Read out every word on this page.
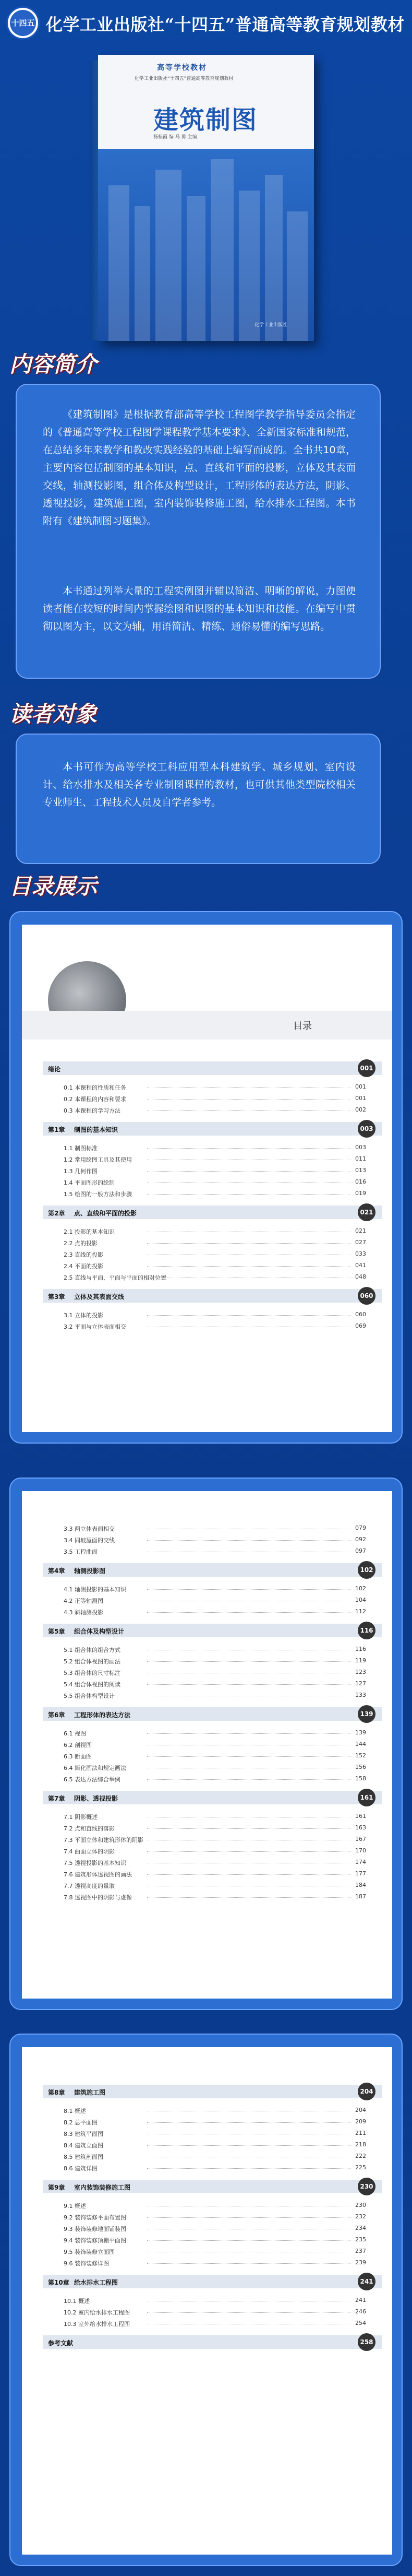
十四五 化学工业出版社“十四五”普通高等教育规划教材
高等学校教材
化学工业出版社“十四五”普通高等教育规划教材
建筑制图
杨桂霞 编 马 勇 主编
化学工业出版社
内容简介
《建筑制图》是根据教育部高等学校工程图学教学指导委员会指定的《普通高等学校工程图学课程教学基本要求》、全新国家标准和规范，在总结多年来教学和教改实践经验的基础上编写而成的。全书共10章，主要内容包括制图的基本知识，点、直线和平面的投影，立体及其表面交线，轴测投影图，组合体及构型设计，工程形体的表达方法，阴影、透视投影，建筑施工图，室内装饰装修施工图，给水排水工程图。本书附有《建筑制图习题集》。
本书通过列举大量的工程实例图并辅以简洁、明晰的解说，力图使读者能在较短的时间内掌握绘图和识图的基本知识和技能。在编写中贯彻以图为主，以文为辅，用语简洁、精练、通俗易懂的编写思路。
读者对象
本书可作为高等学校工科应用型本科建筑学、城乡规划、室内设计、给水排水及相关各专业制图课程的教材，也可供其他类型院校相关专业师生、工程技术人员及自学者参考。
目录展示
目录
绪论	001
0.1 本课程的性质和任务	001
0.2 本课程的内容和要求	001
0.3 本课程的学习方法	002
第1章 制图的基本知识	003
1.1 制图标准	003
1.2 常用绘图工具及其使用	011
1.3 几何作图	013
1.4 平面图形的绘制	016
1.5 绘图的一般方法和步骤	019
第2章 点、直线和平面的投影	021
2.1 投影的基本知识	021
2.2 点的投影	027
2.3 直线的投影	033
2.4 平面的投影	041
2.5 直线与平面、平面与平面的相对位置	048
第3章 立体及其表面交线	060
3.1 立体的投影	060
3.2 平面与立体表面相交	069
3.3 两立体表面相交	079
3.4 同坡屋面的交线	092
3.5 工程曲面	097
第4章 轴测投影图	102
4.1 轴测投影的基本知识	102
4.2 正等轴测图	104
4.3 斜轴测投影	112
第5章 组合体及构型设计	116
5.1 组合体的组合方式	116
5.2 组合体视图的画法	119
5.3 组合体的尺寸标注	123
5.4 组合体视图的阅读	127
5.5 组合体构型设计	133
第6章 工程形体的表达方法	139
6.1 视图	139
6.2 剖视图	144
6.3 断面图	152
6.4 简化画法和规定画法	156
6.5 表达方法综合举例	158
第7章 阴影、透视投影	161
7.1 阴影概述	161
7.2 点和直线的落影	163
7.3 平面立体和建筑形体的阴影	167
7.4 曲面立体的阴影	170
7.5 透视投影的基本知识	174
7.6 建筑形体透视图的画法	177
7.7 透视高度的量取	184
7.8 透视图中的阴影与虚像	187
第8章 建筑施工图	204
8.1 概述	204
8.2 总平面图	209
8.3 建筑平面图	211
8.4 建筑立面图	218
8.5 建筑剖面图	222
8.6 建筑详图	225
第9章 室内装饰装修施工图	230
9.1 概述	230
9.2 装饰装修平面布置图	232
9.3 装饰装修地面铺装图	234
9.4 装饰装修顶棚平面图	235
9.5 装饰装修立面图	237
9.6 装饰装修详图	239
第10章 给水排水工程图	241
10.1 概述	241
10.2 室内给水排水工程图	246
10.3 室外给水排水工程图	254
参考文献	258
